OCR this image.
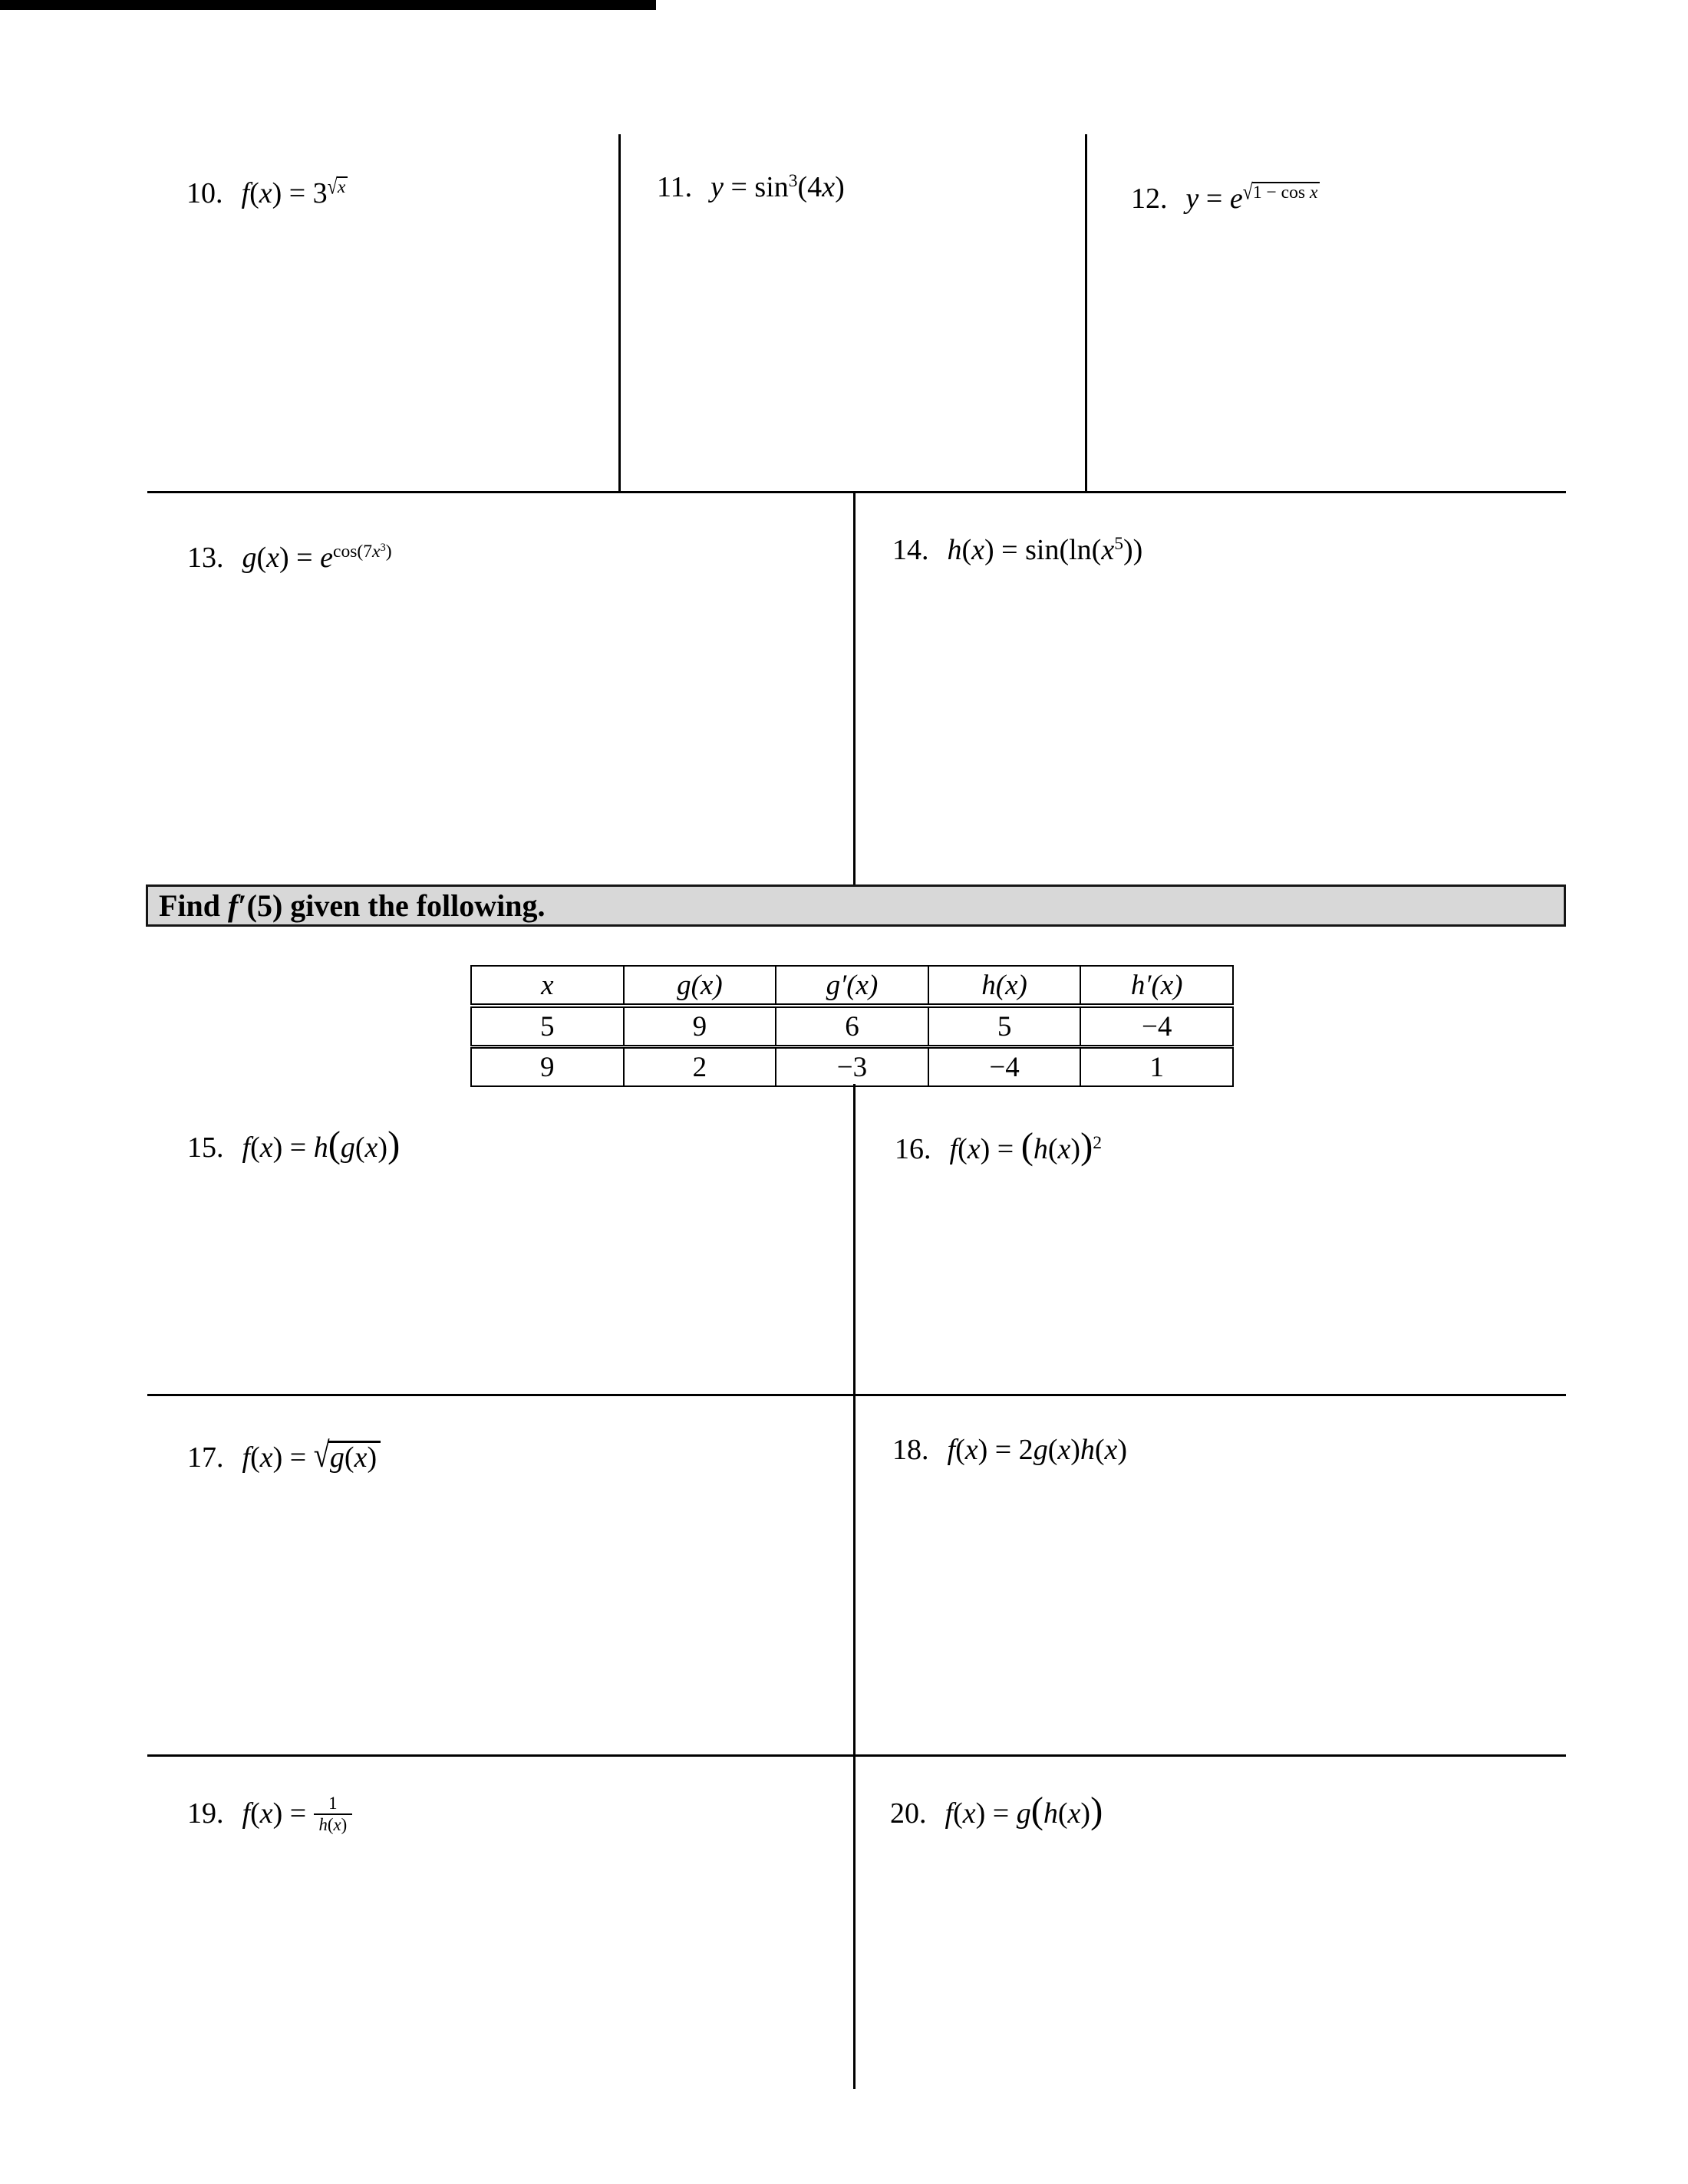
10. $f(x) = 3^{√x}$
	11. $y = \sin^3(4x)$
	12. $y = e^{√1 - cos x}$

13. $g(x) = e^{cos(7x^3)}$
	14. $h(x) = \sin(\ln(x^5))$

Find f′(5) given the following.
x	g(x)	g′(x)	h(x)	h′(x)
5	9	6	5	−4
9	2	−3	−4	1

15. f(x) = h(g(x))
	16. $f(x) = (h(x))^2$

17. f(x) = √g(x)
	18. f(x) = 2g(x)h(x)

19. $f(x) = \frac{1}{h(x)}$

	20. f(x) = g(h(x))
